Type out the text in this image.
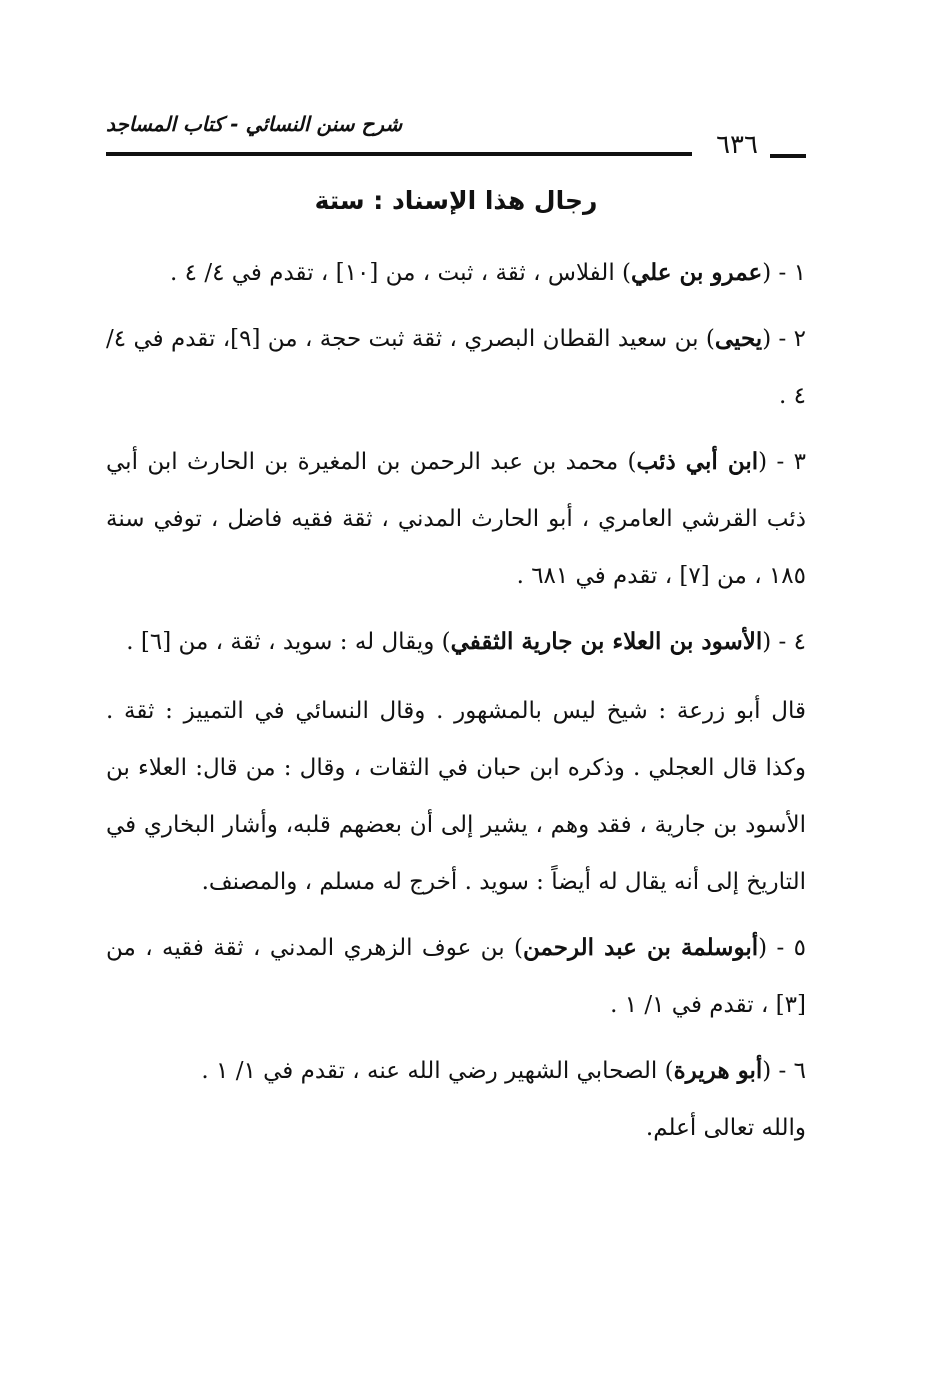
٦٣٦
شرح سنن النسائي - كتاب المساجد
رجال هذا الإسناد : ستة

١ - (عمرو بن علي) الفلاس ، ثقة ، ثبت ، من [١٠] ، تقدم في ٤/ ٤ .

٢ - (يحيى) بن سعيد القطان البصري ، ثقة ثبت حجة ، من [٩]، تقدم في ٤/ ٤ .

٣ - (ابن أبي ذئب) محمد بن عبد الرحمن بن المغيرة بن الحارث ابن أبي ذئب القرشي العامري ، أبو الحارث المدني ، ثقة فقيه فاضل ، توفي سنة ١٨٥ ، من [٧] ، تقدم في ٦٨١ .

٤ - (الأسود بن العلاء بن جارية الثقفي) ويقال له : سويد ، ثقة ، من [٦] .

قال أبو زرعة : شيخ ليس بالمشهور . وقال النسائي في التمييز : ثقة . وكذا قال العجلي . وذكره ابن حبان في الثقات ، وقال : من قال: العلاء بن الأسود بن جارية ، فقد وهم ، يشير إلى أن بعضهم قلبه، وأشار البخاري في التاريخ إلى أنه يقال له أيضاً : سويد . أخرج له مسلم ، والمصنف.

٥ - (أبوسلمة بن عبد الرحمن) بن عوف الزهري المدني ، ثقة فقيه ، من [٣] ، تقدم في ١/ ١ .

٦ - (أبو هريرة) الصحابي الشهير رضي الله عنه ، تقدم في ١/ ١ .
والله تعالى أعلم.
